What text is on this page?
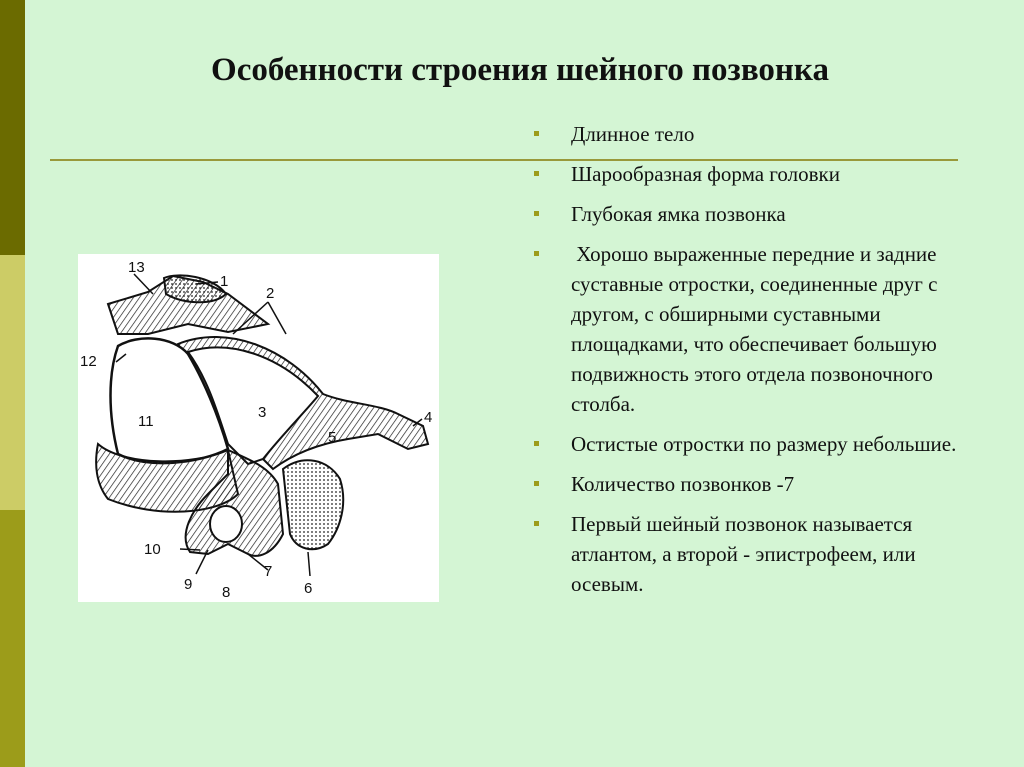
Особенности строения шейного позвонка
1
2
3	4
5
6
7
8
9
10
11
12
13
Длинное тело
Шарообразная форма головки
Глубокая ямка позвонка
Хорошо выраженные передние и задние суставные отростки, соединенные друг с другом, с обширными суставными площадками, что обеспечивает большую подвижность этого отдела позвоночного столба.
Остистые отростки по размеру небольшие.
Количество позвонков -7
Первый шейный позвонок называется атлантом, а второй - эпистрофеем, или осевым.
